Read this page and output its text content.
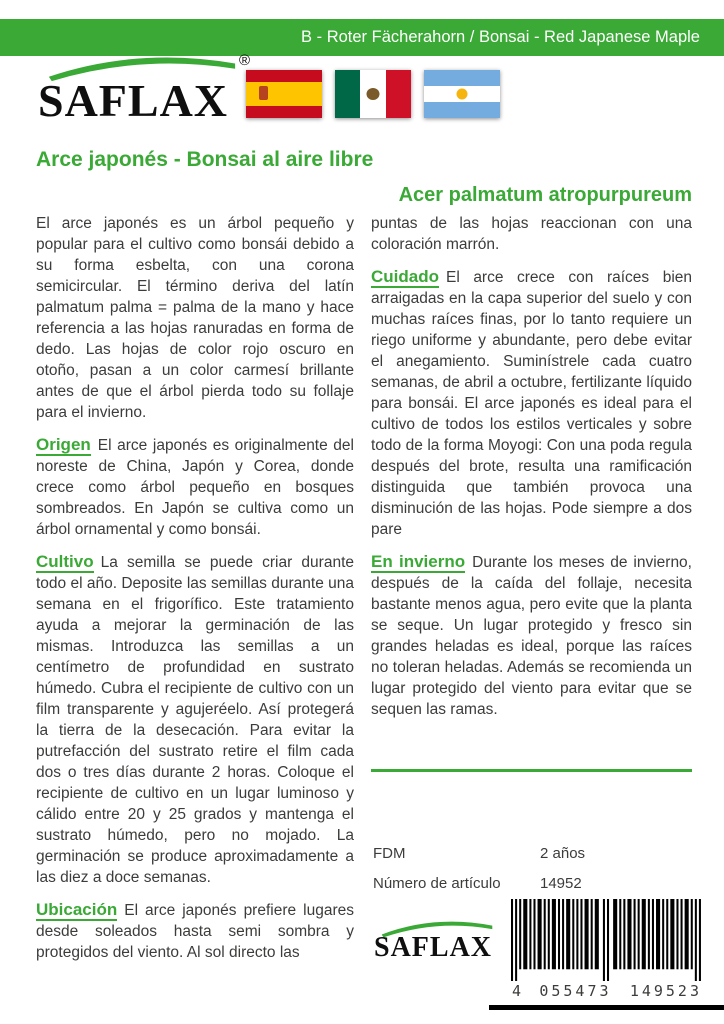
B - Roter Fächerahorn / Bonsai - Red Japanese Maple
SAFLAX
®
Arce japonés - Bonsai al aire libre
Acer palmatum atropurpureum

El arce japonés es un árbol pequeño y popular para el cultivo como bonsái debido a su forma esbelta, con una corona semicircular. El término deriva del latín palmatum palma = palma de la mano y hace referencia a las hojas ranuradas en forma de dedo. Las hojas de color rojo oscuro en otoño, pasan a un color carmesí brillante antes de que el árbol pierda todo su follaje para el invierno.

Origen El arce japonés es originalmente del noreste de China, Japón y Corea, donde crece como árbol pequeño en bosques sombreados. En Japón se cultiva como un árbol ornamental y como bonsái.

Cultivo La semilla se puede criar durante todo el año. Deposite las semillas durante una semana en el frigorífico. Este tratamiento ayuda a mejorar la germinación de las mismas. Introduzca las semillas a un centímetro de profundidad en sustrato húmedo. Cubra el recipiente de cultivo con un film transparente y agujeréelo. Así protegerá la tierra de la desecación. Para evitar la putrefacción del sustrato retire el film cada dos o tres días durante 2 horas. Coloque el recipiente de cultivo en un lugar luminoso y cálido entre 20 y 25 grados y mantenga el sustrato húmedo, pero no mojado. La germinación se produce aproximadamente a las diez a doce semanas.

Ubicación El arce japonés prefiere lugares desde soleados hasta semi sombra y protegidos del viento. Al sol directo las

puntas de las hojas reaccionan con una coloración marrón.

Cuidado El arce crece con raíces bien arraigadas en la capa superior del suelo y con muchas raíces finas, por lo tanto requiere un riego uniforme y abundante, pero debe evitar el anegamiento. Suminístrele cada cuatro semanas, de abril a octubre, fertilizante líquido para bonsái. El arce japonés es ideal para el cultivo de todos los estilos verticales y sobre todo de la forma Moyogi: Con una poda regula después del brote, resulta una ramificación distinguida que también provoca una disminución de las hojas. Pode siempre a dos pare

En invierno Durante los meses de invierno, después de la caída del follaje, necesita bastante menos agua, pero evite que la planta se seque. Un lugar protegido y fresco sin grandes heladas es ideal, porque las raíces no toleran heladas. Además se recomienda un lugar protegido del viento para evitar que se sequen las ramas.

FDM	2 años
Número de artículo	14952
SAFLAX
4 055473 149523
